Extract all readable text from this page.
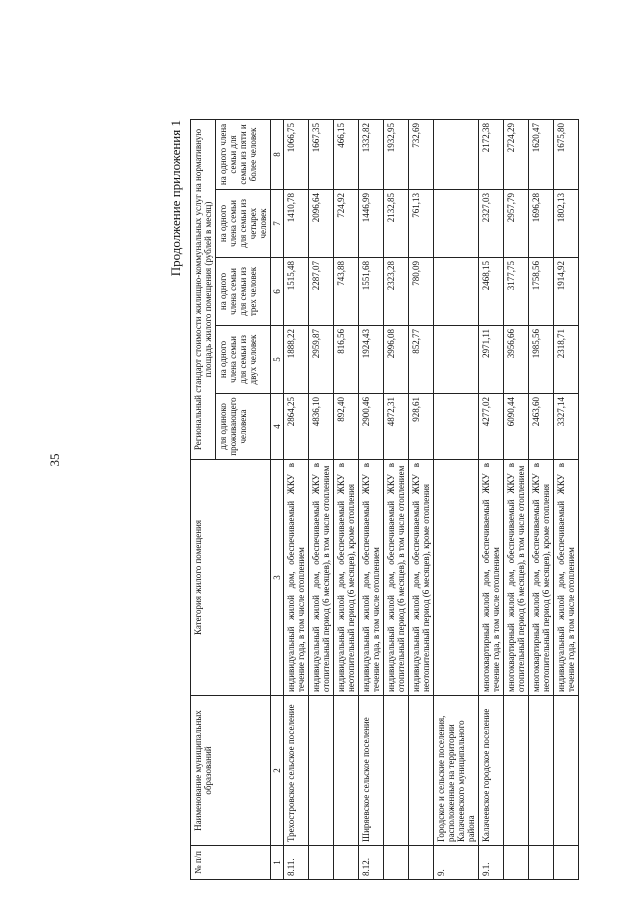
35
Продолжение приложения 1
№ п/п	Наименование муниципальных образований	Категория жилого помещения	Региональный стандарт стоимости жилищно-коммунальных услуг на нормативную площадь жилого помещения (рублей в месяц)				
			для одиноко проживающего человека	на одного члена семьи для семьи из двух человек	на одного члена семьи для семьи из трех человек	на одного члена семьи для семьи из четырех человек	на одного члена семьи для семьи из пяти и более человек
1	2	3	4	5	6	7	8
8.11.	Трехостровское сельское поселение	индивидуальный жилой дом, обеспечиваемый ЖКУ в течение года, в том числе отоплением	2864,25	1888,22	1515,48	1410,78	1066,75
		индивидуальный жилой дом, обеспечиваемый ЖКУ в отопительный период (6 месяцев), в том числе отоплением	4836,10	2959,87	2287,07	2096,64	1667,35
		индивидуальный жилой дом, обеспечиваемый ЖКУ в неотопительный период (6 месяцев), кроме отопления	892,40	816,56	743,88	724,92	466,15
8.12.	Ширяевское сельское поселение	индивидуальный жилой дом, обеспечиваемый ЖКУ в течение года, в том числе отоплением	2900,46	1924,43	1551,68	1446,99	1332,82
		индивидуальный жилой дом, обеспечиваемый ЖКУ в отопительный период (6 месяцев), в том числе отоплением	4872,31	2996,08	2323,28	2132,85	1932,95
		индивидуальный жилой дом, обеспечиваемый ЖКУ в неотопительный период (6 месяцев), кроме отопления	928,61	852,77	780,09	761,13	732,69
9.	Городское и сельские поселения, расположенные на территории Калачеевского муниципального района						
9.1.	Калачеевское городское поселение	многоквартирный жилой дом, обеспечиваемый ЖКУ в течение года, в том числе отоплением	4277,02	2971,11	2468,15	2327,03	2172,38
		многоквартирный жилой дом, обеспечиваемый ЖКУ в отопительный период (6 месяцев), в том числе отоплением	6090,44	3956,66	3177,75	2957,79	2724,29
		многоквартирный жилой дом, обеспечиваемый ЖКУ в неотопительный период (6 месяцев), кроме отопления	2463,60	1985,56	1758,56	1696,28	1620,47
		индивидуальный жилой дом, обеспечиваемый ЖКУ в течение года, в том числе отоплением	3327,14	2318,71	1914,92	1802,13	1675,80
